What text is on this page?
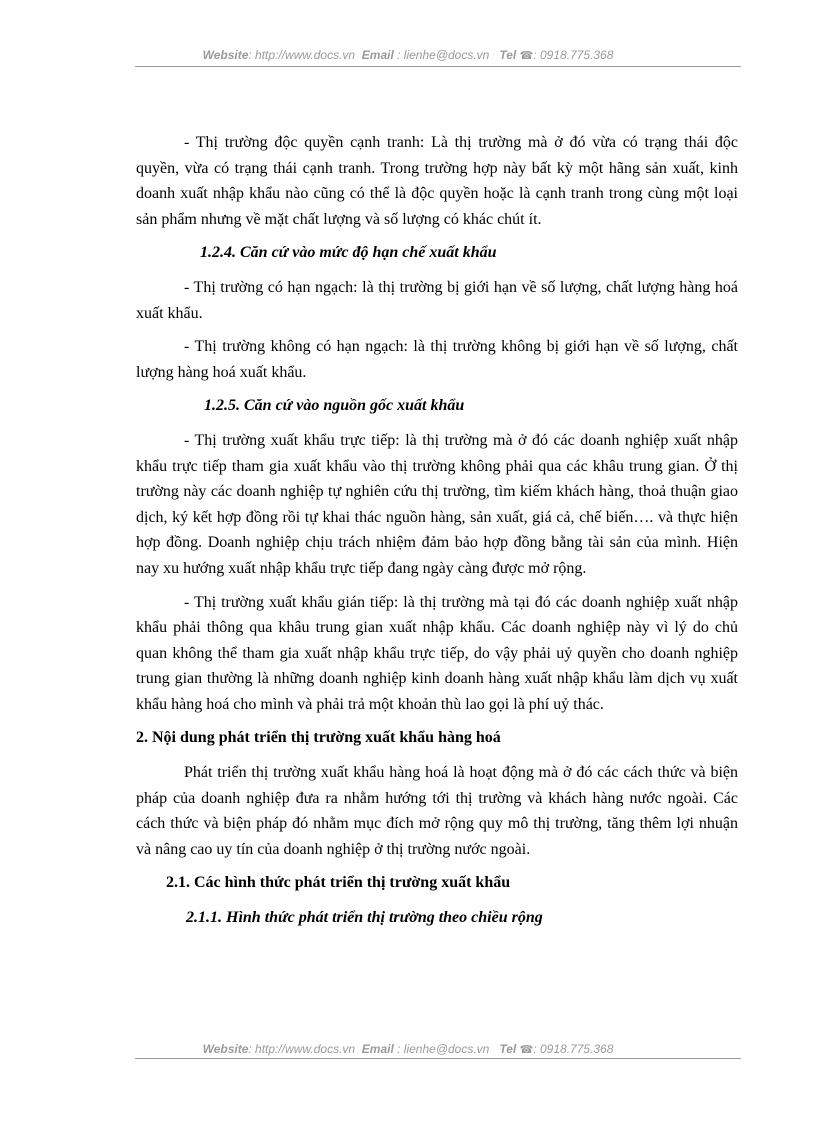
Website: http://www.docs.vn Email : lienhe@docs.vn Tel ☎: 0918.775.368

- Thị trường độc quyền cạnh tranh: Là thị trường mà ở đó vừa có trạng thái độc quyền, vừa có trạng thái cạnh tranh. Trong trường hợp này bất kỳ một hãng sản xuất, kinh doanh xuất nhập khẩu nào cũng có thể là độc quyền hoặc là cạnh tranh trong cùng một loại sản phẩm nhưng về mặt chất lượng và số lượng có khác chút ít.

1.2.4. Căn cứ vào mức độ hạn chế xuất khẩu

- Thị trường có hạn ngạch: là thị trường bị giới hạn về số lượng, chất lượng hàng hoá xuất khẩu.

- Thị trường không có hạn ngạch: là thị trường không bị giới hạn về số lượng, chất lượng hàng hoá xuất khẩu.

1.2.5. Căn cứ vào nguồn gốc xuất khẩu

- Thị trường xuất khẩu trực tiếp: là thị trường mà ở đó các doanh nghiệp xuất nhập khẩu trực tiếp tham gia xuất khẩu vào thị trường không phải qua các khâu trung gian. Ở thị trường này các doanh nghiệp tự nghiên cứu thị trường, tìm kiếm khách hàng, thoả thuận giao dịch, ký kết hợp đồng rồi tự khai thác nguồn hàng, sản xuất, giá cả, chế biến…. và thực hiện hợp đồng. Doanh nghiệp chịu trách nhiệm đảm bảo hợp đồng bằng tài sản của mình. Hiện nay xu hướng xuất nhập khẩu trực tiếp đang ngày càng được mở rộng.

- Thị trường xuất khẩu gián tiếp: là thị trường mà tại đó các doanh nghiệp xuất nhập khẩu phải thông qua khâu trung gian xuất nhập khẩu. Các doanh nghiệp này vì lý do chủ quan không thể tham gia xuất nhập khẩu trực tiếp, do vậy phải uỷ quyền cho doanh nghiệp trung gian thường là những doanh nghiệp kinh doanh hàng xuất nhập khẩu làm dịch vụ xuất khẩu hàng hoá cho mình và phải trả một khoản thù lao gọi là phí uỷ thác.

2. Nội dung phát triển thị trường xuất khẩu hàng hoá

Phát triển thị trường xuất khẩu hàng hoá là hoạt động mà ở đó các cách thức và biện pháp của doanh nghiệp đưa ra nhằm hướng tới thị trường và khách hàng nước ngoài. Các cách thức và biện pháp đó nhằm mục đích mở rộng quy mô thị trường, tăng thêm lợi nhuận và nâng cao uy tín của doanh nghiệp ở thị trường nước ngoài.

2.1. Các hình thức phát triển thị trường xuất khẩu

2.1.1. Hình thức phát triển thị trường theo chiều rộng

Website: http://www.docs.vn Email : lienhe@docs.vn Tel ☎: 0918.775.368
